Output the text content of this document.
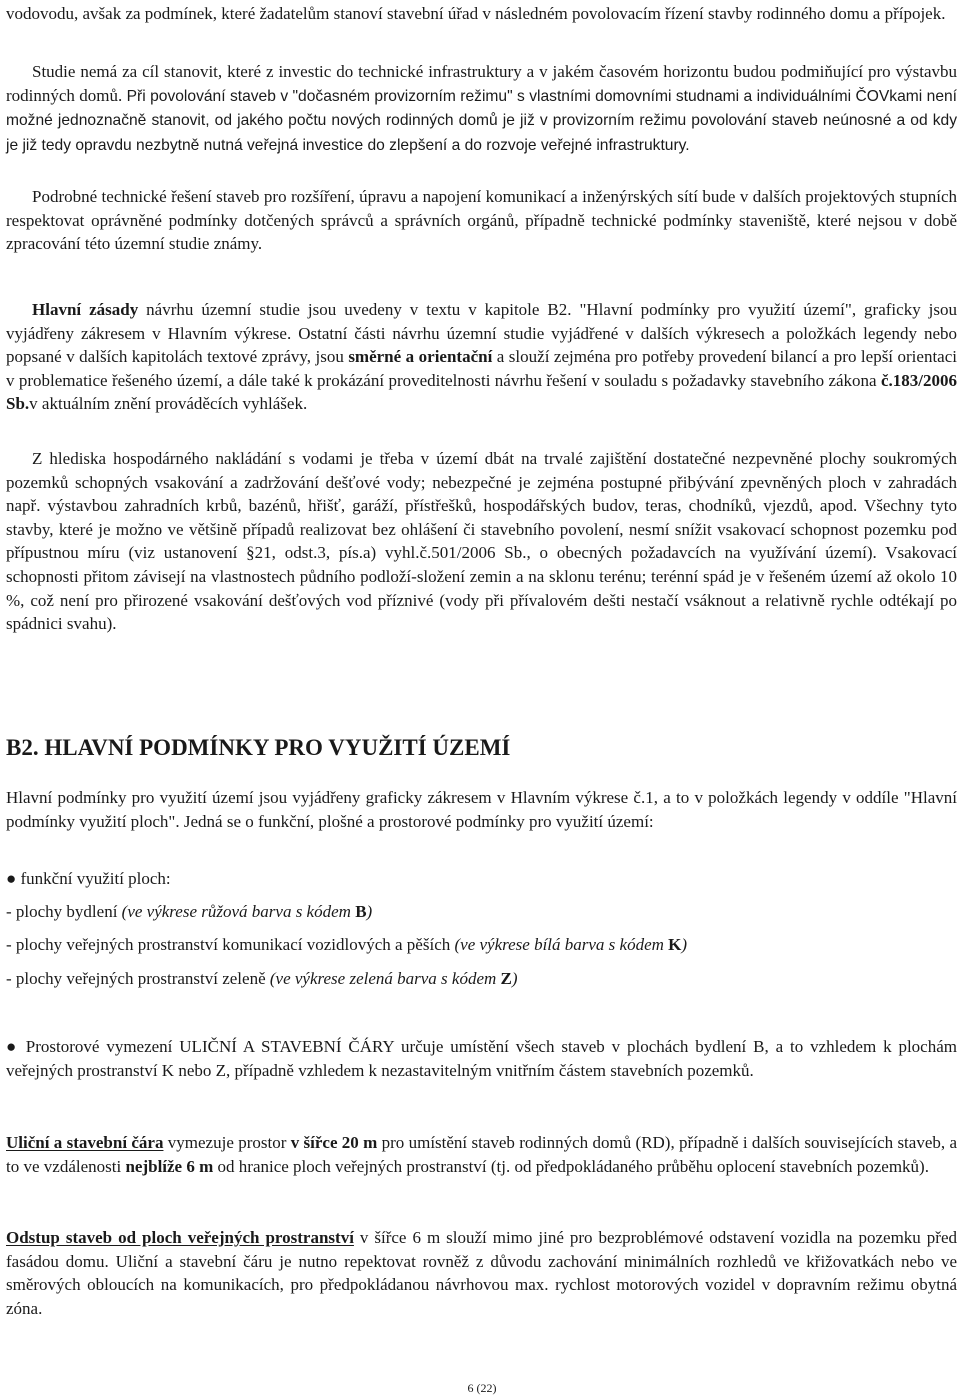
vodovodu, avšak za podmínek, které žadatelům stanoví stavební úřad v následném povolovacím řízení stavby rodinného domu a přípojek.

Studie nemá za cíl stanovit, které z investic do technické infrastruktury a v jakém časovém horizontu budou podmiňující pro výstavbu rodinných domů. Při povolování staveb v "dočasném provizorním režimu" s vlastními domovními studnami a individuálními ČOVkami není možné jednoznačně stanovit, od jakého počtu nových rodinných domů je již v provizorním režimu povolování staveb neúnosné a od kdy je již tedy opravdu nezbytně nutná veřejná investice do zlepšení a do rozvoje veřejné infrastruktury.

Podrobné technické řešení staveb pro rozšíření, úpravu a napojení komunikací a inženýrských sítí bude v dalších projektových stupních respektovat oprávněné podmínky dotčených správců a správních orgánů, případně technické podmínky staveniště, které nejsou v době zpracování této územní studie známy.

Hlavní zásady návrhu územní studie jsou uvedeny v textu v kapitole B2. "Hlavní podmínky pro využití území", graficky jsou vyjádřeny zákresem v Hlavním výkrese. Ostatní části návrhu územní studie vyjádřené v dalších výkresech a položkách legendy nebo popsané v dalších kapitolách textové zprávy, jsou směrné a orientační a slouží zejména pro potřeby provedení bilancí a pro lepší orientaci v problematice řešeného území, a dále také k prokázání proveditelnosti návrhu řešení v souladu s požadavky stavebního zákona č.183/2006 Sb.v aktuálním znění prováděcích vyhlášek.

Z hlediska hospodárného nakládání s vodami je třeba v území dbát na trvalé zajištění dostatečné nezpevněné plochy soukromých pozemků schopných vsakování a zadržování dešťové vody; nebezpečné je zejména postupné přibývání zpevněných ploch v zahradách např. výstavbou zahradních krbů, bazénů, hřišť, garáží, přístřešků, hospodářských budov, teras, chodníků, vjezdů, apod. Všechny tyto stavby, které je možno ve většině případů realizovat bez ohlášení či stavebního povolení, nesmí snížit vsakovací schopnost pozemku pod přípustnou míru (viz ustanovení §21, odst.3, pís.a) vyhl.č.501/2006 Sb., o obecných požadavcích na využívání území). Vsakovací schopnosti přitom závisejí na vlastnostech půdního podloží-složení zemin a na sklonu terénu; terénní spád je v řešeném území až okolo 10 %, což není pro přirozené vsakování dešťových vod příznivé (vody při přívalovém dešti nestačí vsáknout a relativně rychle odtékají po spádnici svahu).

B2. HLAVNÍ PODMÍNKY PRO VYUŽITÍ ÚZEMÍ

Hlavní podmínky pro využití území jsou vyjádřeny graficky zákresem v Hlavním výkrese č.1, a to v položkách legendy v oddíle "Hlavní podmínky využití ploch". Jedná se o funkční, plošné a prostorové podmínky pro využití území:

● funkční využití ploch:

- plochy bydlení (ve výkrese růžová barva s kódem B)

- plochy veřejných prostranství komunikací vozidlových a pěších (ve výkrese bílá barva s kódem K)

- plochy veřejných prostranství zeleně (ve výkrese zelená barva s kódem Z)

● Prostorové vymezení ULIČNÍ A STAVEBNÍ ČÁRY určuje umístění všech staveb v plochách bydlení B, a to vzhledem k plochám veřejných prostranství K nebo Z, případně vzhledem k nezastavitelným vnitřním částem stavebních pozemků.

Uliční a stavební čára vymezuje prostor v šířce 20 m pro umístění staveb rodinných domů (RD), případně i dalších souvisejících staveb, a to ve vzdálenosti nejblíže 6 m od hranice ploch veřejných prostranství (tj. od předpokládaného průběhu oplocení stavebních pozemků).

Odstup staveb od ploch veřejných prostranství v šířce 6 m slouží mimo jiné pro bezproblémové odstavení vozidla na pozemku před fasádou domu. Uliční a stavební čáru je nutno repektovat rovněž z důvodu zachování minimálních rozhledů ve křižovatkách nebo ve směrových obloucích na komunikacích, pro předpokládanou návrhovou max. rychlost motorových vozidel v dopravním režimu obytná zóna.

6 (22)
